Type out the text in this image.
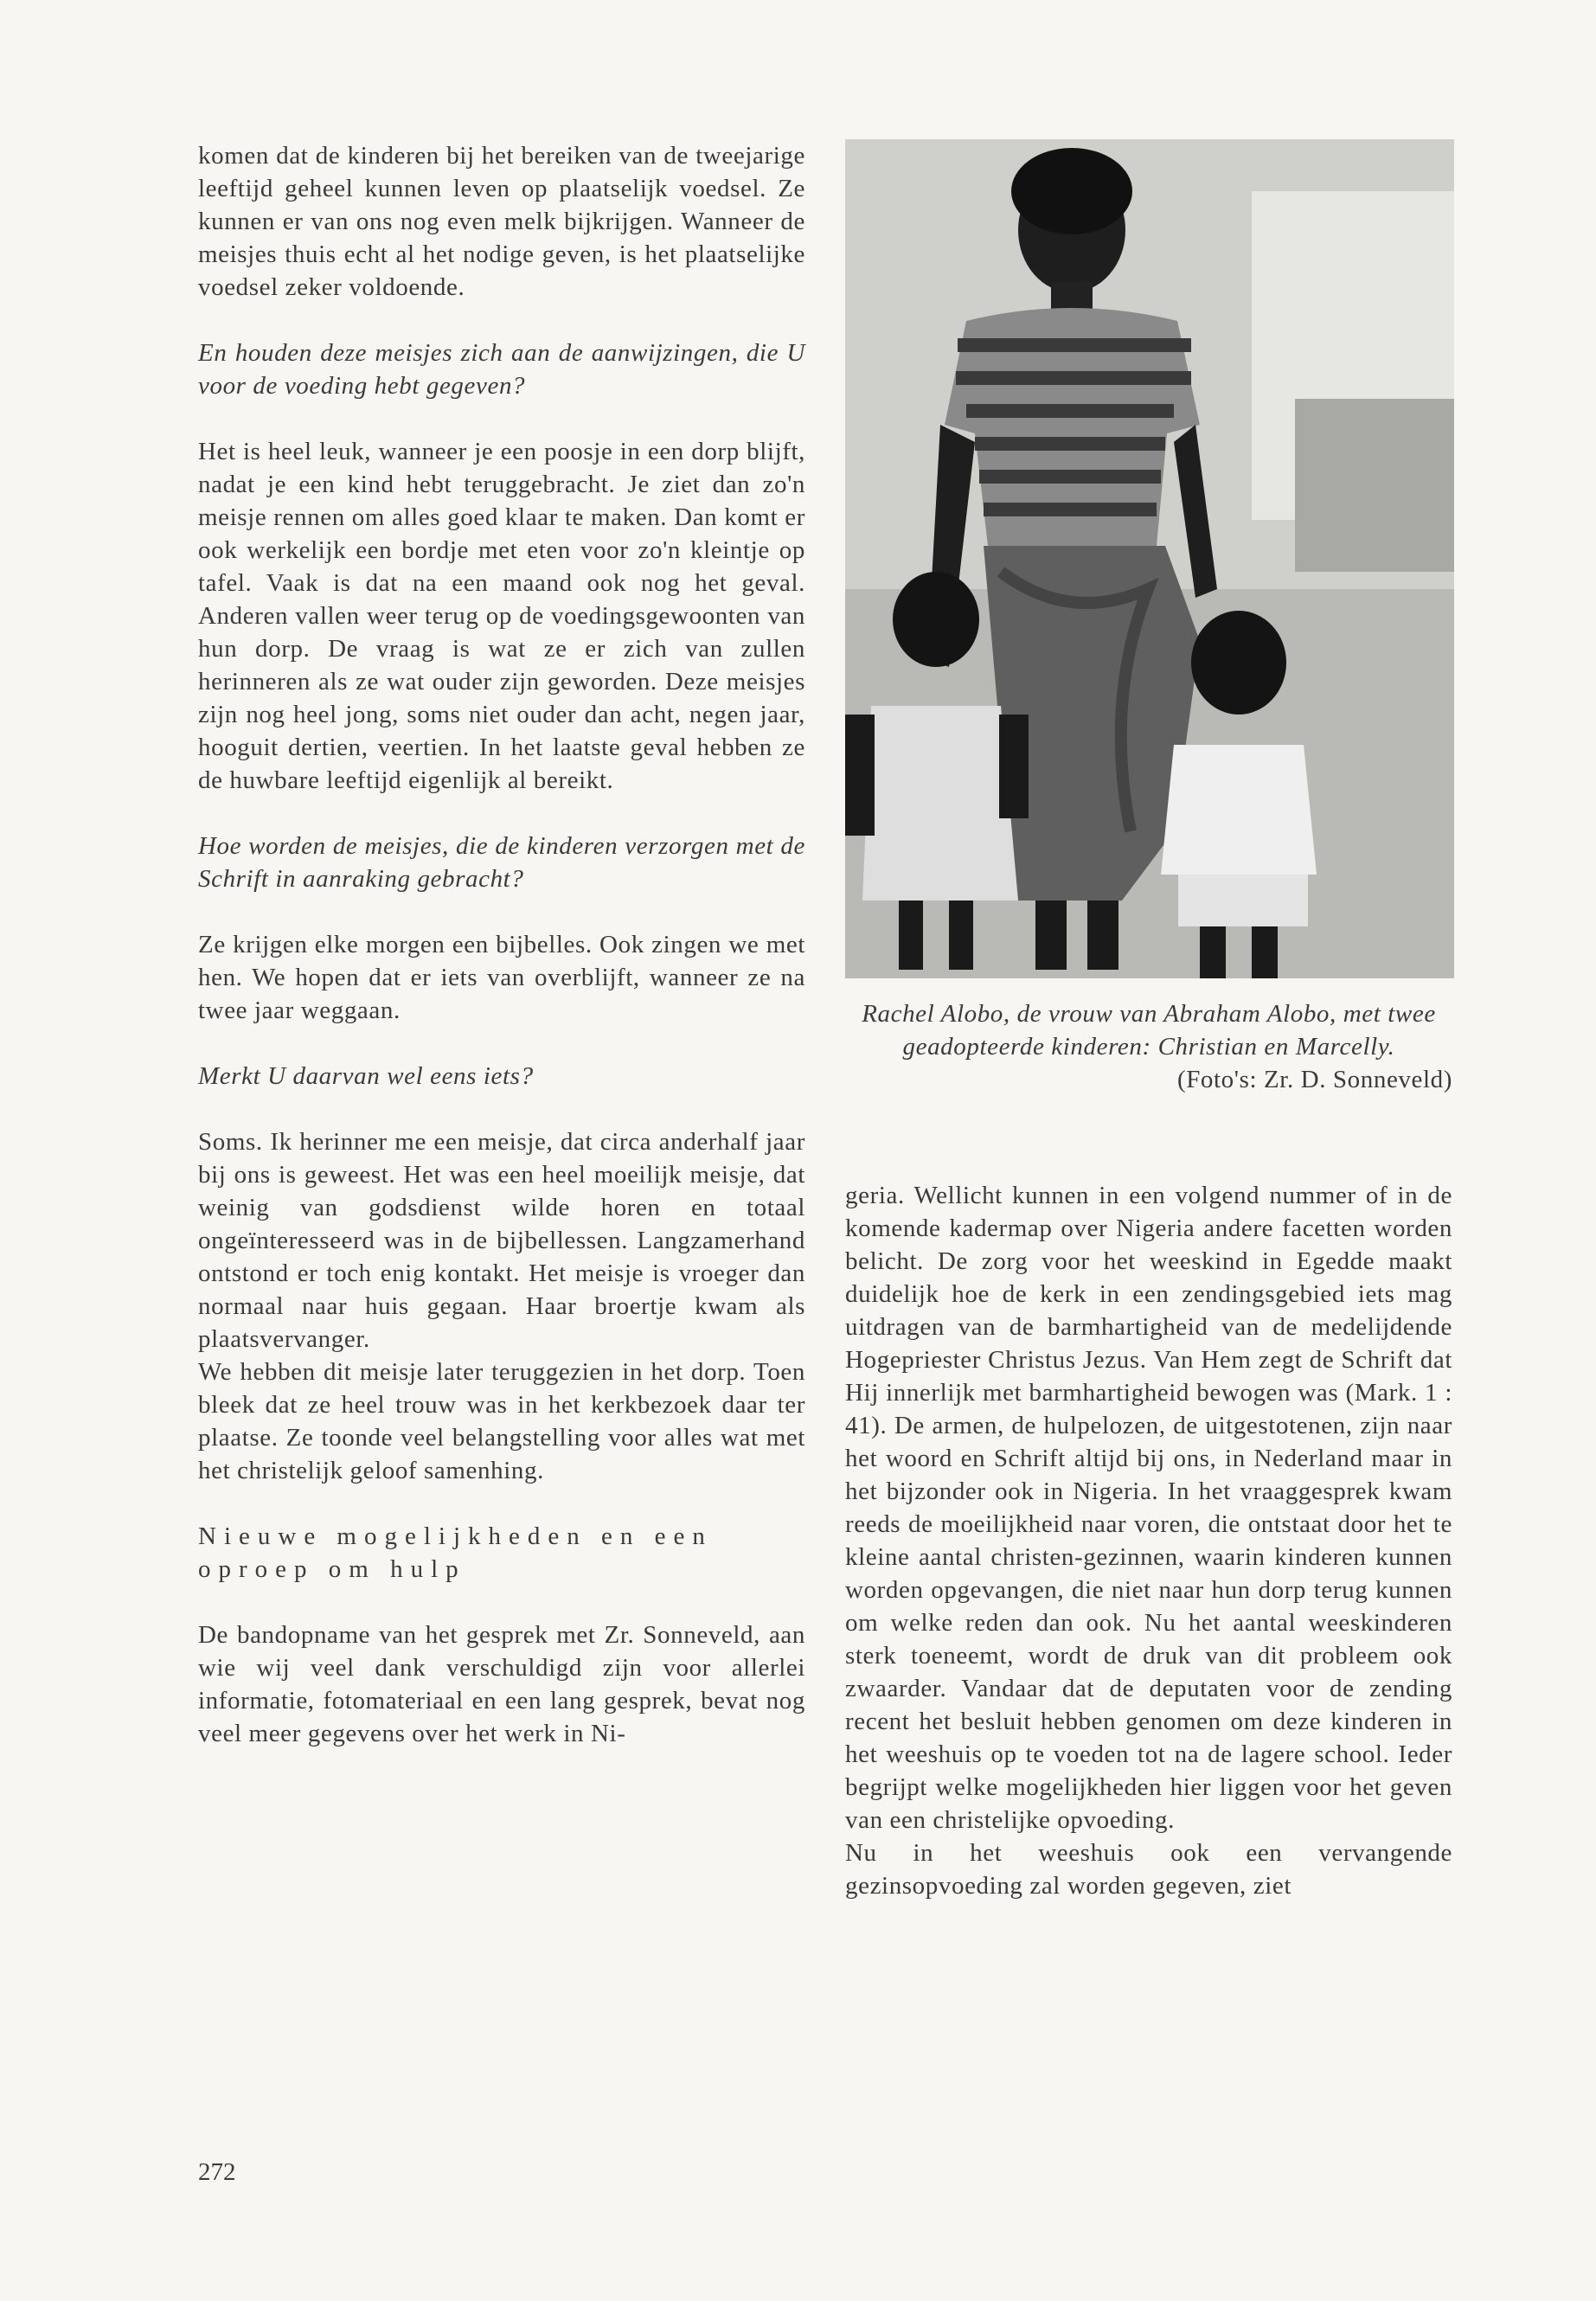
komen dat de kinderen bij het bereiken van de tweejarige leeftijd geheel kunnen leven op plaatselijk voedsel. Ze kunnen er van ons nog even melk bijkrijgen. Wanneer de meisjes thuis echt al het nodige geven, is het plaatselijke voedsel zeker voldoende.

En houden deze meisjes zich aan de aanwijzingen, die U voor de voeding hebt gegeven?

Het is heel leuk, wanneer je een poosje in een dorp blijft, nadat je een kind hebt teruggebracht. Je ziet dan zo'n meisje rennen om alles goed klaar te maken. Dan komt er ook werkelijk een bordje met eten voor zo'n kleintje op tafel. Vaak is dat na een maand ook nog het geval. Anderen vallen weer terug op de voedingsgewoonten van hun dorp. De vraag is wat ze er zich van zullen herinneren als ze wat ouder zijn geworden. Deze meisjes zijn nog heel jong, soms niet ouder dan acht, negen jaar, hooguit dertien, veertien. In het laatste geval hebben ze de huwbare leeftijd eigenlijk al bereikt.

Hoe worden de meisjes, die de kinderen verzorgen met de Schrift in aanraking gebracht?

Ze krijgen elke morgen een bijbelles. Ook zingen we met hen. We hopen dat er iets van overblijft, wanneer ze na twee jaar weggaan.

Merkt U daarvan wel eens iets?

Soms. Ik herinner me een meisje, dat circa anderhalf jaar bij ons is geweest. Het was een heel moeilijk meisje, dat weinig van godsdienst wilde horen en totaal ongeïnteresseerd was in de bijbellessen. Langzamerhand ontstond er toch enig kontakt. Het meisje is vroeger dan normaal naar huis gegaan. Haar broertje kwam als plaatsvervanger.

We hebben dit meisje later teruggezien in het dorp. Toen bleek dat ze heel trouw was in het kerkbezoek daar ter plaatse. Ze toonde veel belangstelling voor alles wat met het christelijk geloof samenhing.

Nieuwe mogelijkheden en een oproep om hulp

De bandopname van het gesprek met Zr. Sonneveld, aan wie wij veel dank verschuldigd zijn voor allerlei informatie, fotomateriaal en een lang gesprek, bevat nog veel meer gegevens over het werk in Ni-

Rachel Alobo, de vrouw van Abraham Alobo, met twee geadopteerde kinderen: Christian en Marcelly.

(Foto's: Zr. D. Sonneveld)

geria. Wellicht kunnen in een volgend nummer of in de komende kadermap over Nigeria andere facetten worden belicht. De zorg voor het weeskind in Egedde maakt duidelijk hoe de kerk in een zendingsgebied iets mag uitdragen van de barmhartigheid van de medelijdende Hogepriester Christus Jezus. Van Hem zegt de Schrift dat Hij innerlijk met barmhartigheid bewogen was (Mark. 1 : 41). De armen, de hulpelozen, de uitgestotenen, zijn naar het woord en Schrift altijd bij ons, in Nederland maar in het bijzonder ook in Nigeria. In het vraaggesprek kwam reeds de moeilijkheid naar voren, die ontstaat door het te kleine aantal christen-gezinnen, waarin kinderen kunnen worden opgevangen, die niet naar hun dorp terug kunnen om welke reden dan ook. Nu het aantal weeskinderen sterk toeneemt, wordt de druk van dit probleem ook zwaarder. Vandaar dat de deputaten voor de zending recent het besluit hebben genomen om deze kinderen in het weeshuis op te voeden tot na de lagere school. Ieder begrijpt welke mogelijkheden hier liggen voor het geven van een christelijke opvoeding.

Nu in het weeshuis ook een vervangende gezinsopvoeding zal worden gegeven, ziet

272
